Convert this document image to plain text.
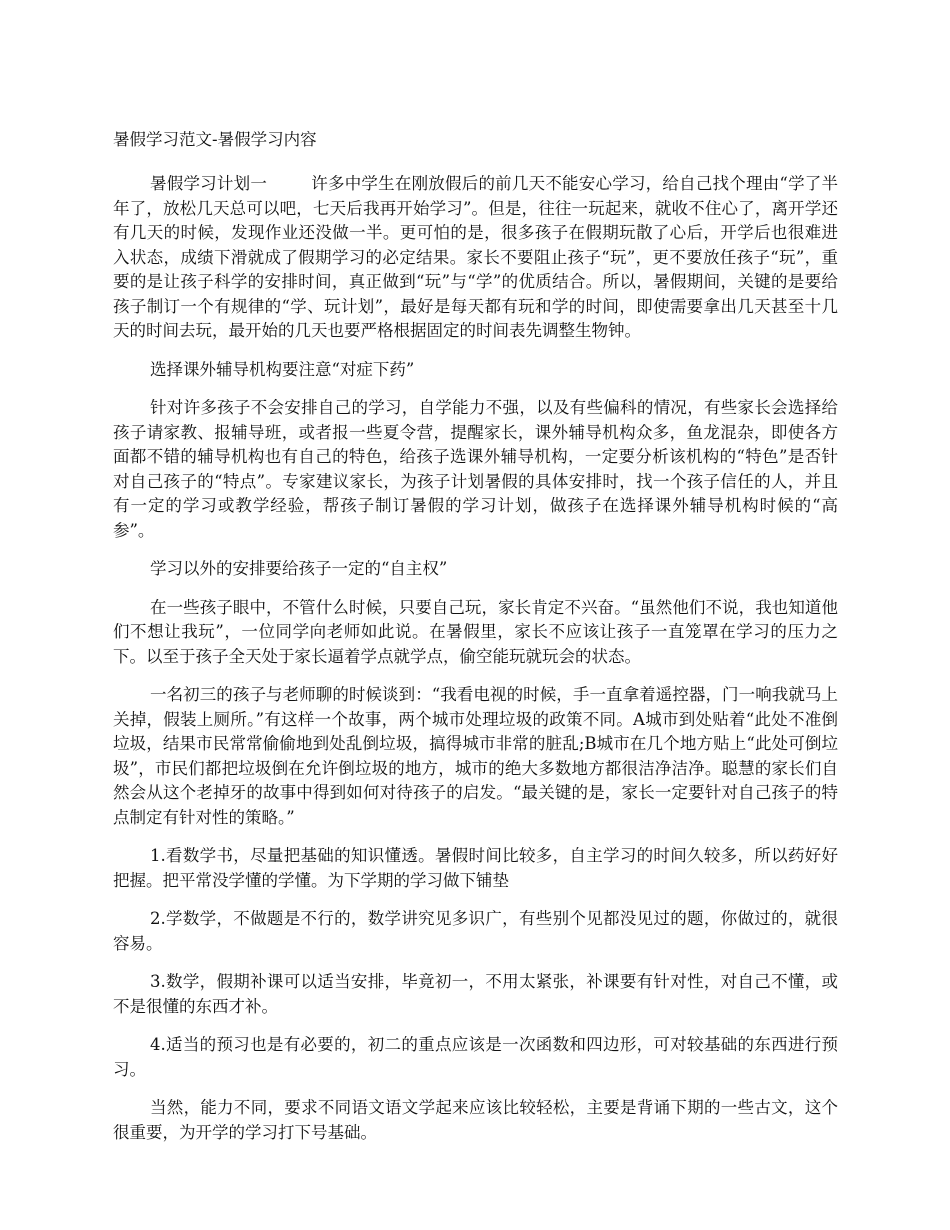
暑假学习范文-暑假学习内容

暑假学习计划一	许多中学生在刚放假后的前几天不能安心学习，给自己找个理由“学了半年了，放松几天总可以吧，七天后我再开始学习”。但是，往往一玩起来，就收不住心了，离开学还有几天的时候，发现作业还没做一半。更可怕的是，很多孩子在假期玩散了心后，开学后也很难进入状态，成绩下滑就成了假期学习的必定结果。家长不要阻止孩子“玩”，更不要放任孩子“玩”，重要的是让孩子科学的安排时间，真正做到“玩”与“学”的优质结合。所以，暑假期间，关键的是要给孩子制订一个有规律的“学、玩计划”，最好是每天都有玩和学的时间，即使需要拿出几天甚至十几天的时间去玩，最开始的几天也要严格根据固定的时间表先调整生物钟。

选择课外辅导机构要注意“对症下药”

针对许多孩子不会安排自己的学习，自学能力不强，以及有些偏科的情况，有些家长会选择给孩子请家教、报辅导班，或者报一些夏令营，提醒家长，课外辅导机构众多，鱼龙混杂，即使各方面都不错的辅导机构也有自己的特色，给孩子选课外辅导机构，一定要分析该机构的“特色”是否针对自己孩子的“特点”。专家建议家长，为孩子计划暑假的具体安排时，找一个孩子信任的人，并且有一定的学习或教学经验，帮孩子制订暑假的学习计划，做孩子在选择课外辅导机构时候的“高参”。

学习以外的安排要给孩子一定的“自主权”

在一些孩子眼中，不管什么时候，只要自己玩，家长肯定不兴奋。“虽然他们不说，我也知道他们不想让我玩”，一位同学向老师如此说。在暑假里，家长不应该让孩子一直笼罩在学习的压力之下。以至于孩子全天处于家长逼着学点就学点，偷空能玩就玩会的状态。

一名初三的孩子与老师聊的时候谈到：“我看电视的时候，手一直拿着遥控器，门一响我就马上关掉，假装上厕所。”有这样一个故事，两个城市处理垃圾的政策不同。A城市到处贴着“此处不准倒垃圾，结果市民常常偷偷地到处乱倒垃圾，搞得城市非常的脏乱;B城市在几个地方贴上“此处可倒垃圾”，市民们都把垃圾倒在允许倒垃圾的地方，城市的绝大多数地方都很洁净洁净。聪慧的家长们自然会从这个老掉牙的故事中得到如何对待孩子的启发。“最关键的是，家长一定要针对自己孩子的特点制定有针对性的策略。”

1.看数学书，尽量把基础的知识懂透。暑假时间比较多，自主学习的时间久较多，所以药好好把握。把平常没学懂的学懂。为下学期的学习做下铺垫

2.学数学，不做题是不行的，数学讲究见多识广，有些别个见都没见过的题，你做过的，就很容易。

3.数学，假期补课可以适当安排，毕竟初一，不用太紧张，补课要有针对性，对自己不懂，或不是很懂的东西才补。

4.适当的预习也是有必要的，初二的重点应该是一次函数和四边形，可对较基础的东西进行预习。

当然，能力不同，要求不同语文语文学起来应该比较轻松，主要是背诵下期的一些古文，这个很重要，为开学的学习打下号基础。
